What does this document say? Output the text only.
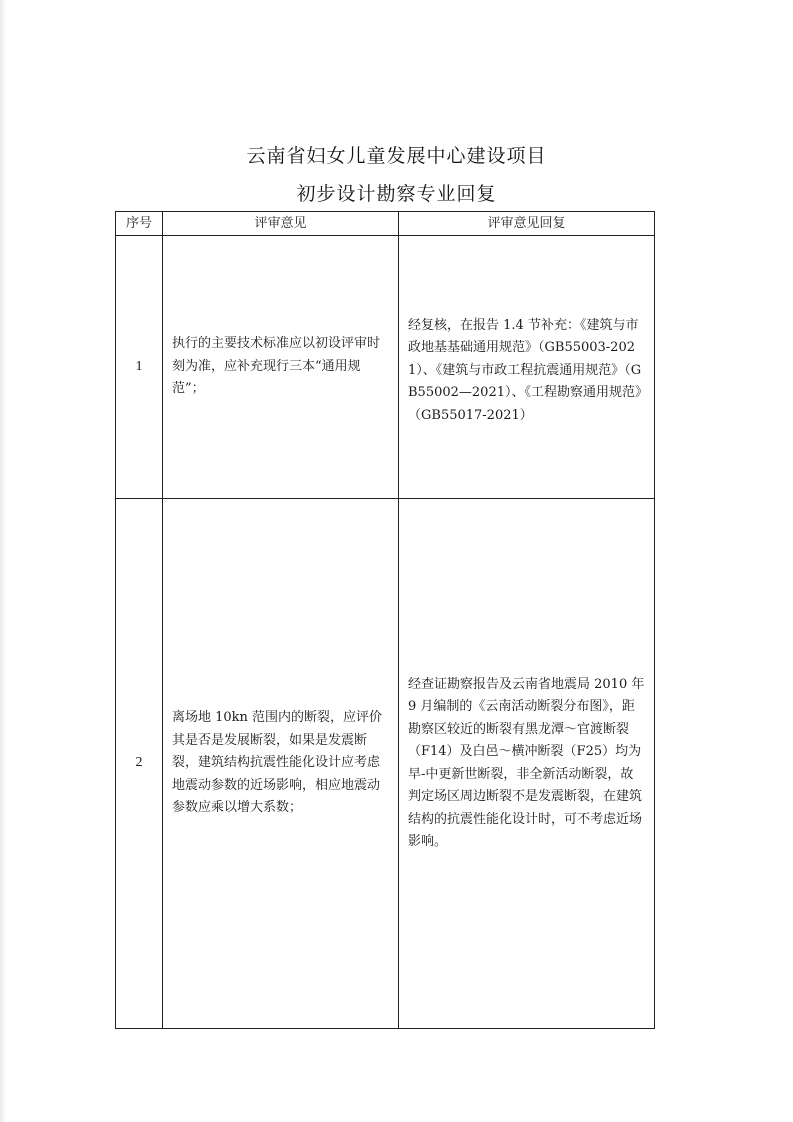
云南省妇女儿童发展中心建设项目
初步设计勘察专业回复
序号	评审意见	评审意见回复
1
执行的主要技术标准应以初设评审时刻为准，应补充现行三本“通用规范”；
经复核，在报告 1.4 节补充：《建筑与市政地基基础通用规范》（GB55003-2021）、《建筑与市政工程抗震通用规范》（GB55002—2021）、《工程勘察通用规范》（GB55017-2021）
2
离场地 10kn 范围内的断裂，应评价其是否是发展断裂，如果是发震断裂，建筑结构抗震性能化设计应考虑地震动参数的近场影响，相应地震动参数应乘以增大系数；
经查证勘察报告及云南省地震局 2010 年 9 月编制的《云南活动断裂分布图》，距勘察区较近的断裂有黑龙潭～官渡断裂（F14）及白邑～横冲断裂（F25）均为早-中更新世断裂，非全新活动断裂，故判定场区周边断裂不是发震断裂，在建筑结构的抗震性能化设计时，可不考虑近场影响。
